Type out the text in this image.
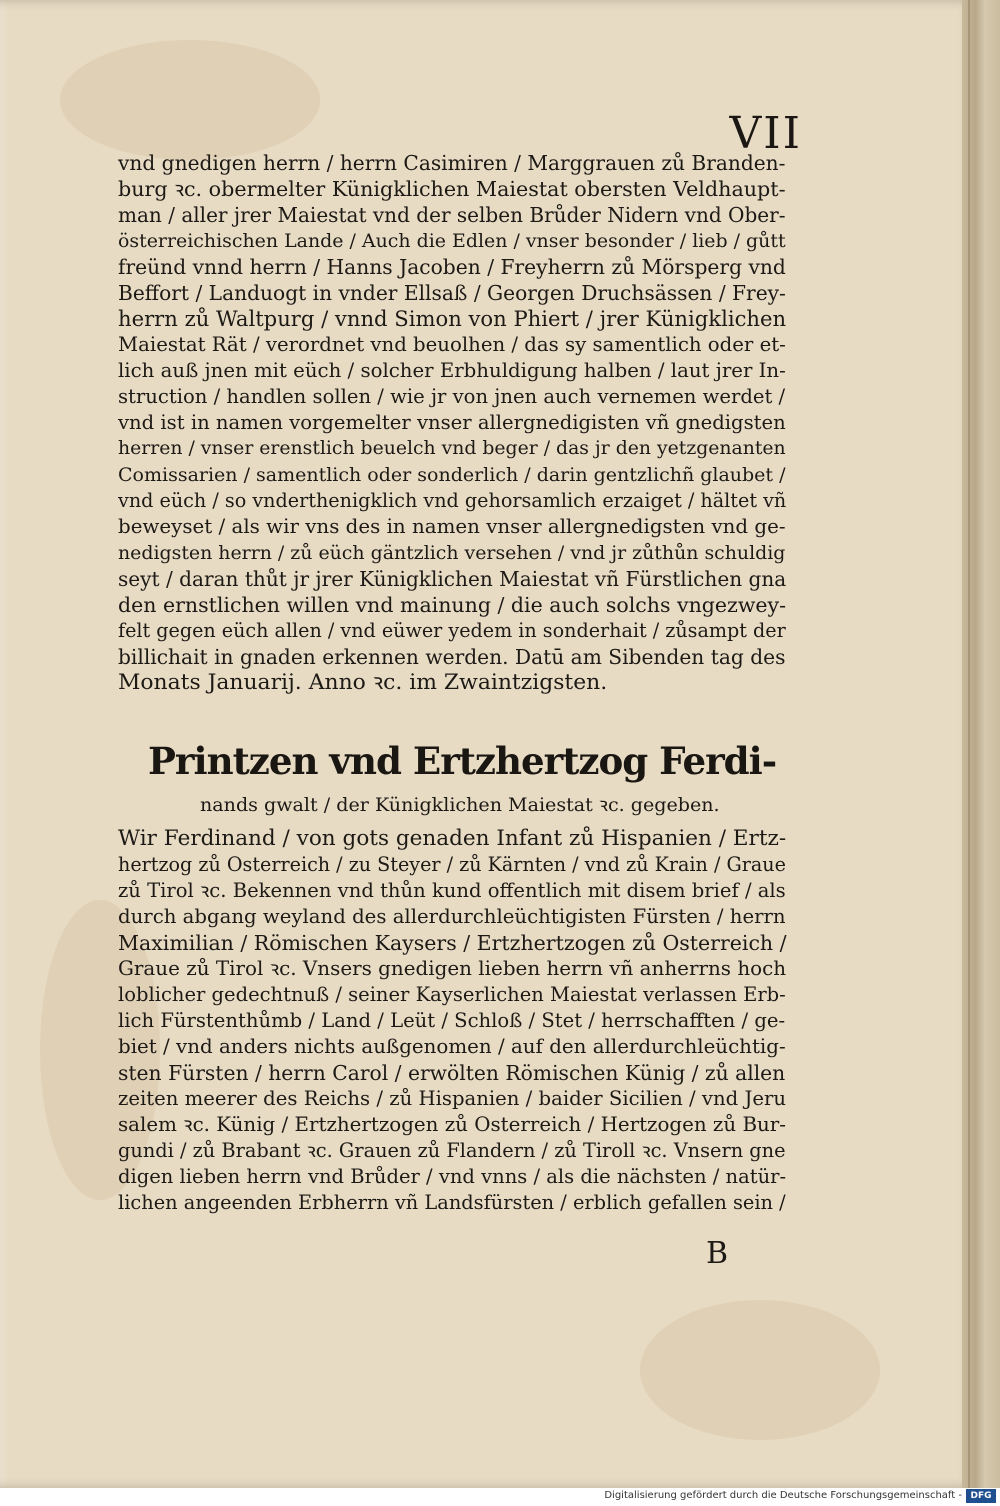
VII
vnd gnedigen herrn / herrn Casimiren / Marggrauen zů Branden-
burg ꝛc. obermelter Künigklichen Maiestat obersten Veldhaupt-
man / aller jrer Maiestat vnd der selben Brůder Nidern vnd Ober-
österreichischen Lande / Auch die Edlen / vnser besonder / lieb / gůtt
freünd vnnd herrn / Hanns Jacoben / Freyherrn zů Mörsperg vnd
Beffort / Landuogt in vnder Ellsaß / Georgen Druchsässen / Frey-
herrn zů Waltpurg / vnnd Simon von Phiert / jrer Künigklichen
Maiestat Rät / verordnet vnd beuolhen / das sy samentlich oder et-
lich auß jnen mit eüch / solcher Erbhuldigung halben / laut jrer In-
struction / handlen sollen / wie jr von jnen auch vernemen werdet /
vnd ist in namen vorgemelter vnser allergnedigisten vñ gnedigsten
herren / vnser erenstlich beuelch vnd beger / das jr den yetzgenanten
Comissarien / samentlich oder sonderlich / darin gentzlichñ glaubet /
vnd eüch / so vnderthenigklich vnd gehorsamlich erzaiget / hältet vñ
beweyset / als wir vns des in namen vnser allergnedigsten vnd ge-
nedigsten herrn / zů eüch gäntzlich versehen / vnd jr zůthůn schuldig
seyt / daran thůt jr jrer Künigklichen Maiestat vñ Fürstlichen gna
den ernstlichen willen vnd mainung / die auch solchs vngezwey-
felt gegen eüch allen / vnd eüwer yedem in sonderhait / zůsampt der
billichait in gnaden erkennen werden. Datū am Sibenden tag des
Monats Januarij. Anno ꝛc. im Zwaintzigsten.
Printzen vnd Ertzhertzog Ferdi-
nands gwalt / der Künigklichen Maiestat ꝛc. gegeben.
Wir Ferdinand / von gots genaden Infant zů Hispanien / Ertz-
hertzog zů Osterreich / zu Steyer / zů Kärnten / vnd zů Krain / Graue
zů Tirol ꝛc. Bekennen vnd thůn kund offentlich mit disem brief / als
durch abgang weyland des allerdurchleüchtigisten Fürsten / herrn
Maximilian / Römischen Kaysers / Ertzhertzogen zů Osterreich /
Graue zů Tirol ꝛc. Vnsers gnedigen lieben herrn vñ anherrns hoch
loblicher gedechtnuß / seiner Kayserlichen Maiestat verlassen Erb-
lich Fürstenthůmb / Land / Leüt / Schloß / Stet / herrschafften / ge-
biet / vnd anders nichts außgenomen / auf den allerdurchleüchtig-
sten Fürsten / herrn Carol / erwölten Römischen Künig / zů allen
zeiten meerer des Reichs / zů Hispanien / baider Sicilien / vnd Jeru
salem ꝛc. Künig / Ertzhertzogen zů Osterreich / Hertzogen zů Bur-
gundi / zů Brabant ꝛc. Grauen zů Flandern / zů Tiroll ꝛc. Vnsern gne
digen lieben herrn vnd Brůder / vnd vnns / als die nächsten / natür-
lichen angeenden Erbherrn vñ Landsfürsten / erblich gefallen sein /
B
Digitalisierung gefördert durch die Deutsche Forschungsgemeinschaft - DFG
